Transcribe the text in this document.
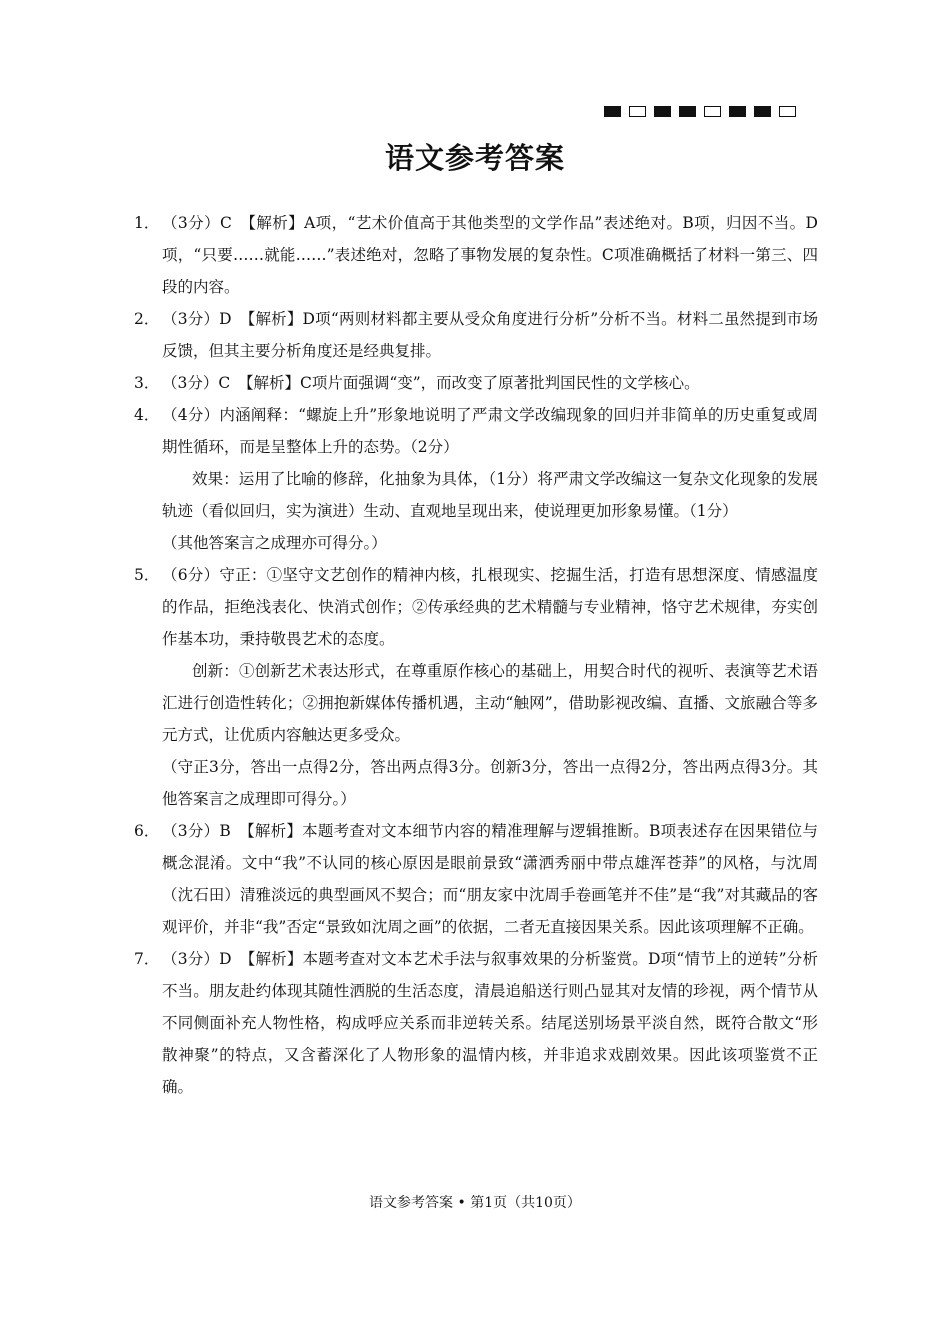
语文参考答案
1． （3分）C　【解析】A项，“艺术价值高于其他类型的文学作品”表述绝对。B项，归因不当。D项，“只要……就能……”表述绝对，忽略了事物发展的复杂性。C项准确概括了材料一第三、四段的内容。
2． （3分）D　【解析】D项“两则材料都主要从受众角度进行分析”分析不当。材料二虽然提到市场反馈，但其主要分析角度还是经典复排。
3． （3分）C　【解析】C项片面强调“变”，而改变了原著批判国民性的文学核心。
4． （4分）内涵阐释：“螺旋上升”形象地说明了严肃文学改编现象的回归并非简单的历史重复或周期性循环，而是呈整体上升的态势。（2分）
效果：运用了比喻的修辞，化抽象为具体，（1分）将严肃文学改编这一复杂文化现象的发展轨迹（看似回归，实为演进）生动、直观地呈现出来，使说理更加形象易懂。（1分）
（其他答案言之成理亦可得分。）
5． （6分）守正：①坚守文艺创作的精神内核，扎根现实、挖掘生活，打造有思想深度、情感温度的作品，拒绝浅表化、快消式创作；②传承经典的艺术精髓与专业精神，恪守艺术规律，夯实创作基本功，秉持敬畏艺术的态度。
创新：①创新艺术表达形式，在尊重原作核心的基础上，用契合时代的视听、表演等艺术语汇进行创造性转化；②拥抱新媒体传播机遇，主动“触网”，借助影视改编、直播、文旅融合等多元方式，让优质内容触达更多受众。
（守正3分，答出一点得2分，答出两点得3分。创新3分，答出一点得2分，答出两点得3分。其他答案言之成理即可得分。）
6． （3分）B　【解析】本题考查对文本细节内容的精准理解与逻辑推断。B项表述存在因果错位与概念混淆。文中“我”不认同的核心原因是眼前景致“潇洒秀丽中带点雄浑苍莽”的风格，与沈周（沈石田）清雅淡远的典型画风不契合；而“朋友家中沈周手卷画笔并不佳”是“我”对其藏品的客观评价，并非“我”否定“景致如沈周之画”的依据，二者无直接因果关系。因此该项理解不正确。
7． （3分）D　【解析】本题考查对文本艺术手法与叙事效果的分析鉴赏。D项“情节上的逆转”分析不当。朋友赴约体现其随性洒脱的生活态度，清晨追船送行则凸显其对友情的珍视，两个情节从不同侧面补充人物性格，构成呼应关系而非逆转关系。结尾送别场景平淡自然，既符合散文“形散神聚”的特点，又含蓄深化了人物形象的温情内核，并非追求戏剧效果。因此该项鉴赏不正确。
语文参考答案 • 第1页（共10页）
